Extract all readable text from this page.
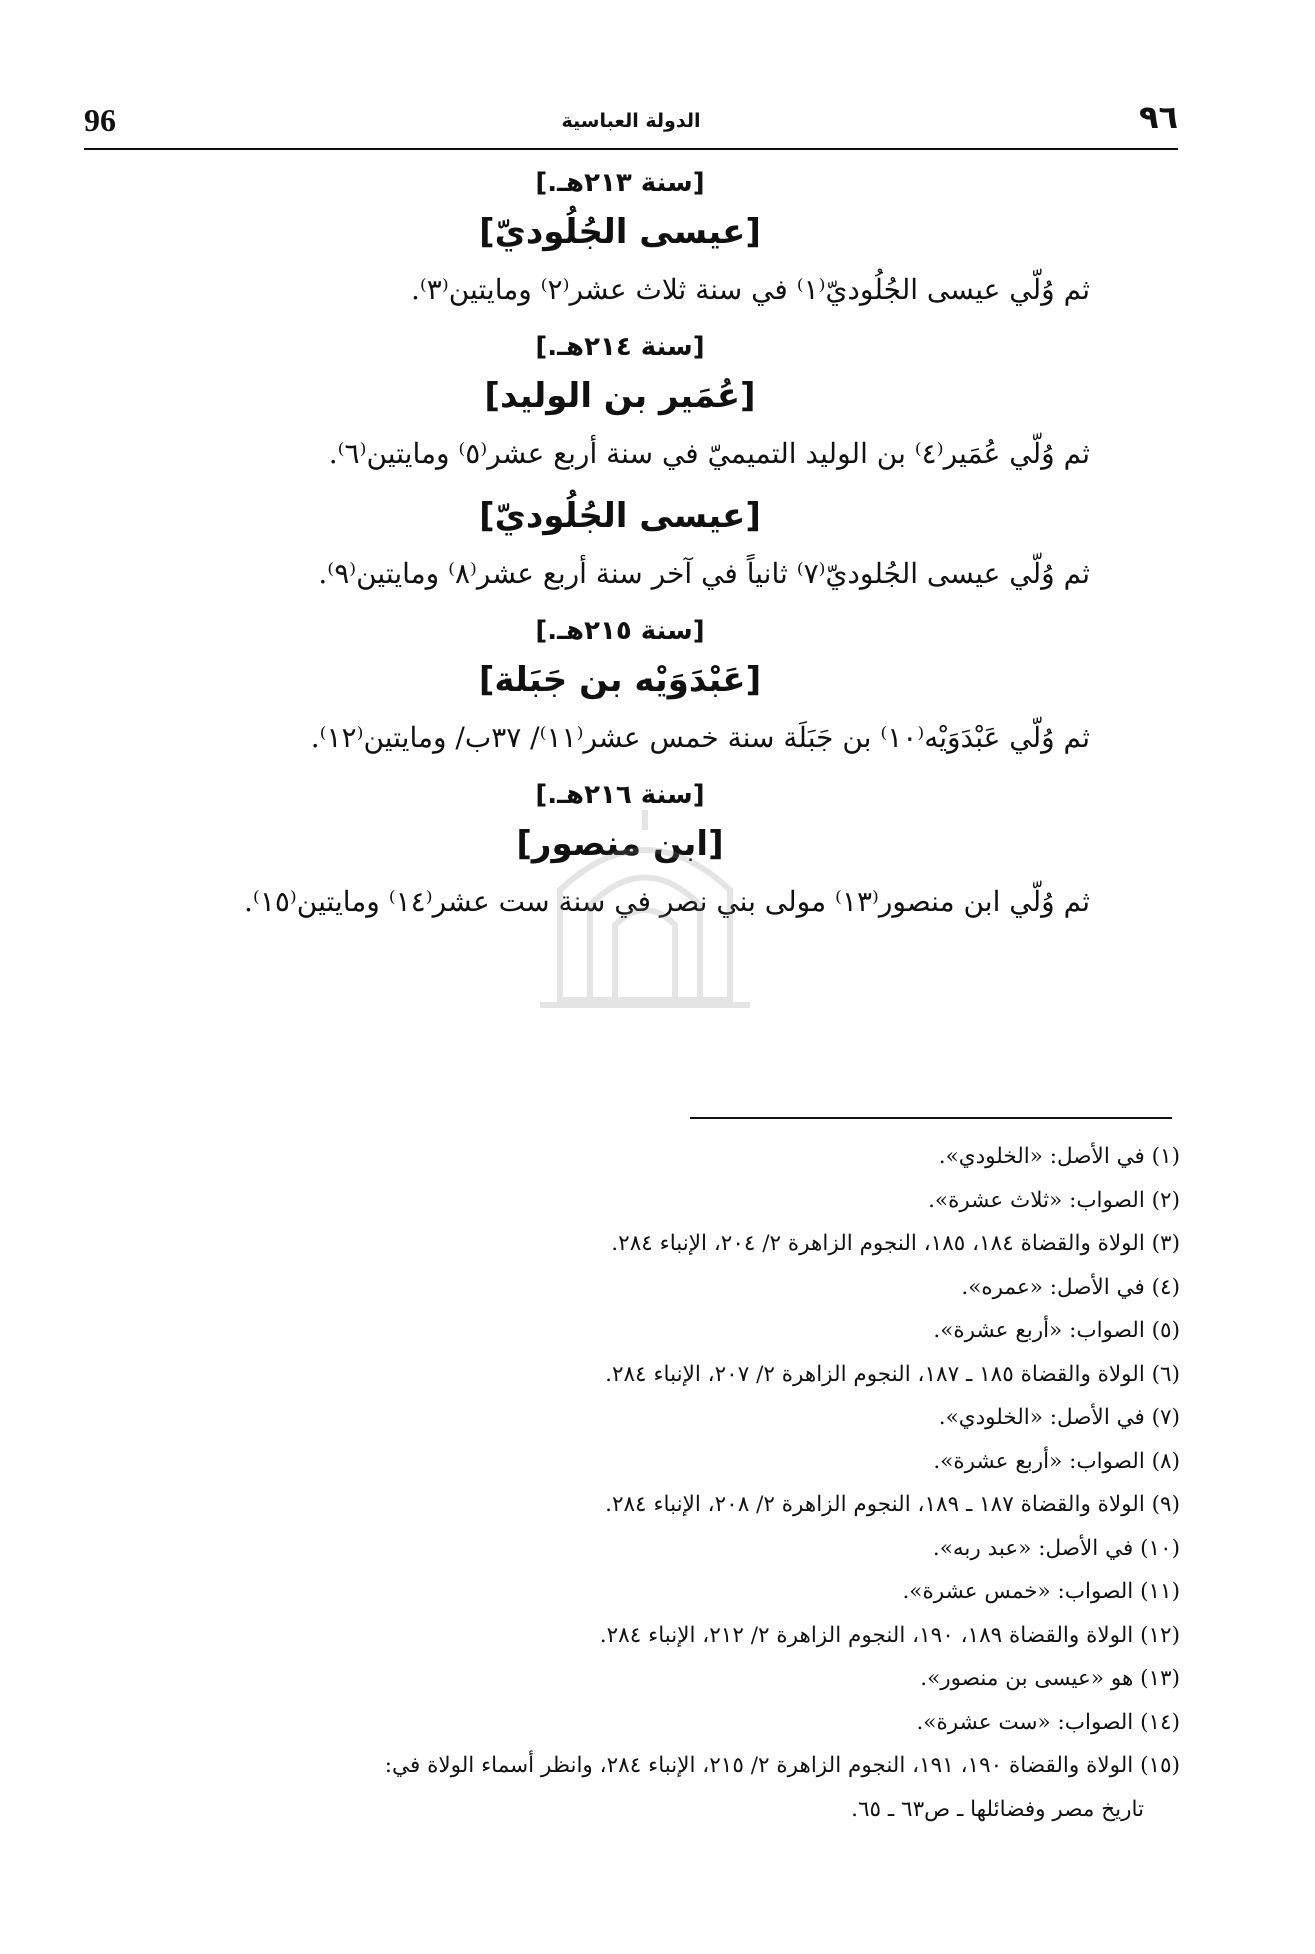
96	الدولة العباسية	٩٦
[سنة ٢١٣هـ.]
[عيسى الجُلُوديّ]

ثم وُلّي عيسى الجُلُوديّ⁽١⁾ في سنة ثلاث عشر⁽٢⁾ ومايتين⁽٣⁾.

[سنة ٢١٤هـ.]
[عُمَير بن الوليد]

ثم وُلّي عُمَير⁽٤⁾ بن الوليد التميميّ في سنة أربع عشر⁽٥⁾ ومايتين⁽٦⁾.

[عيسى الجُلُوديّ]

ثم وُلّي عيسى الجُلوديّ⁽٧⁾ ثانياً في آخر سنة أربع عشر⁽٨⁾ ومايتين⁽٩⁾.

[سنة ٢١٥هـ.]
[عَبْدَوَيْه بن جَبَلة]

ثم وُلّي عَبْدَوَيْه⁽١٠⁾ بن جَبَلَة سنة خمس عشر⁽١١⁾/ ٣٧ب/ ومايتين⁽١٢⁾.

[سنة ٢١٦هـ.]
[ابن منصور]

ثم وُلّي ابن منصور⁽١٣⁾ مولى بني نصر في سنة ست عشر⁽١٤⁾ ومايتين⁽١٥⁾.

(١) في الأصل: «الخلودي».
(٢) الصواب: «ثلاث عشرة».
(٣) الولاة والقضاة ١٨٤، ١٨٥، النجوم الزاهرة ٢/ ٢٠٤، الإنباء ٢٨٤.
(٤) في الأصل: «عمره».
(٥) الصواب: «أربع عشرة».
(٦) الولاة والقضاة ١٨٥ ـ ١٨٧، النجوم الزاهرة ٢/ ٢٠٧، الإنباء ٢٨٤.
(٧) في الأصل: «الخلودي».
(٨) الصواب: «أربع عشرة».
(٩) الولاة والقضاة ١٨٧ ـ ١٨٩، النجوم الزاهرة ٢/ ٢٠٨، الإنباء ٢٨٤.
(١٠) في الأصل: «عبد ربه».
(١١) الصواب: «خمس عشرة».
(١٢) الولاة والقضاة ١٨٩، ١٩٠، النجوم الزاهرة ٢/ ٢١٢، الإنباء ٢٨٤.
(١٣) هو «عيسى بن منصور».
(١٤) الصواب: «ست عشرة».
(١٥) الولاة والقضاة ١٩٠، ١٩١، النجوم الزاهرة ٢/ ٢١٥، الإنباء ٢٨٤، وانظر أسماء الولاة في:
تاريخ مصر وفضائلها ـ ص٦٣ ـ ٦٥.
